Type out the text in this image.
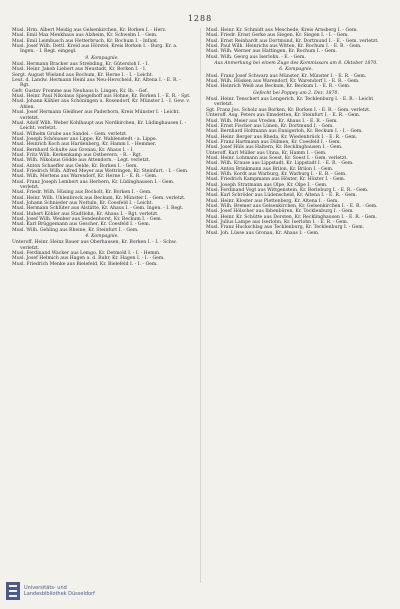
1288

Musl. Hrm. Albert Meidig aus Gelsenkirchen, Kr. Borken I. - Herz.

Musl. Emil Max Menkhaus aus Alzheim, Kr. Schwelm I. - Gem.

Musl. Emil Leimbusch aus Hetterbruch, Kr. Bochum I. - Infant.

Musl. Josef Wilh. Dettl. Kreid aus Hörstel, Kreis Borken I. - Burg. Kr. a. Ingen. - I. Regt. eingegl.

9. Kompagnie.

Musl. Hermann Bracker aus Strebding, Kr. Gütersloh I. - I.

Musl. Heinr. Jakob Liebert aus Neustadt, Kr. Borken I. - I.

Sergt. August Wieland aus Bochum, Kr. Herne I. - I. - Leicht.

Leut. d. Landw. Hermann Heinl aus Neu-Herscheid, Kr. Altena I. - E. R. - Rgt.

Gefr. Gustav Fromme aus Neuhaus b. Lingen, Kr. Ib. - Gef.

Musl. Heinr. Paul Nikolaus Spiegelhoff aus Hohne, Kr. Borken I. - E. R. - Spt.

Musl. Johann Kähler aus Schöningen u. Rosendorf, Kr. Münster I. - I. Gew. v. Ahlen.

Musl. Josef Hermann Gleißner aus Paderborn, Kreis Münster I. - Leicht. verletzt.

Musl. Adolf Wilh. Weber Kohlhaupt aus Nordkirchen, Kr. Lüdinghausen I. - Leicht. verletzt.

Musl. Wilhelm Grube aus Sandel. - Gem. verletzt.

Musl. Joseph Schönauer aus Lippe, Kr. Wahlenstedt - a. Lippe.

Musl. Heinrich Koch aus Hardenberg, Kr. Hamm I. - Hemmer.

Musl. Bernhard Schulte aus Gronau, Kr. Ahaus I. - I.

Musl. Fritz Wilh. Kerkenkamp aus Ostbevern. - R. - Rgt.

Musl. Wilh. Nikolaus Gödde aus Attendorn. - Legt. verletzt.

Musl. Anton Schaeffer aus Oelde, Kr. Borken I. - Gem.

Musl. Friedrich Wilh. Alfred Meyer aus Wettringen, Kr. Steinfurt. - I. - Gem.

Musl. Wilh. Mertens aus Warendorf, Kr. Herne I. - E. R. - Gem.

Musl. Franz Joseph Lembert aus Herbern, Kr. Lüdinghausen I. - Gem. verletzt.

Musl. Friedr. Wilh. Hüsing aus Bocholt, Kr. Borken I. - Gem.

Musl. Heinr. Wilh. Uhlenbrock aus Beckum, Kr. Münster I. - Gem. verletzt.

Musl. Johann Schnieder aus Nottuln, Kr. Coesfeld I. - Leicht.

Musl. Hermann Schlüter aus Alstätte, Kr. Ahaus I. - Gem. Ingen. - I. Regt.

Musl. Hubert Köhler aus Stadtlohn, Kr. Ahaus I. - Rgt. verletzt.

Musl. Josef Wilh. Wenker aus Sendenhorst, Kr. Beckum I. - Gem.

Musl. Karl Brüggemann aus Gescher, Kr. Coesfeld I. - Gem.

Musl. Wilh. Gehling aus Rheine, Kr. Steinfurt I. - Gem.

4. Kompagnie.

Unteroff. Heinr. Heinz Bauer aus Oberhausen, Kr. Borken I. - I. - Schw. verletzt.

Musl. Ferdinand Wacker aus Lemgo, Kr. Detmold I. - I. - Hemm.

Musl. Josef Helmich aus Hagen a. d. Ruhr, Kr. Hagen I. - I. - Gem.

Musl. Friedrich Menke aus Bielefeld, Kr. Bielefeld I. - I. - Gem.

Musl. Heinr. Kr. Schmidt aus Meschede, Kreis Arnsberg I. - Gem.

Musl. Friedr. Ernst Gerke aus Siegen, Kr. Siegen I. - I. - Gem.

Musl. Ernst Reinhardt aus Dortmund, Kr. Dortmund I. - E. - Gem. verletzt.

Musl. Paul Wilh. Heinrichs aus Witten, Kr. Bochum I. - E. R. - Gem.

Musl. Wilh. Werner aus Hattingen, Kr. Bochum I. - Gem.

Musl. Wilh. Georg aus Iserlohn. - E. - Gem.

Aus Anmerkung bei einem Zuge des Kommissars am 8. Oktober 1870.

6. Kompagnie.

Musl. Franz Josef Schwarz aus Münster, Kr. Münster I. - E. R. - Gem.

Musl. Wilh. Hüsken aus Warendorf, Kr. Warendorf I. - E. R. - Gem.

Musl. Heinrich Weiß aus Beckum, Kr. Beckum I. - E. R. - Gem.

Gefecht bei Poppey am 2. Dez. 1870.

Musl. Heinr. Tenschert aus Lengerich, Kr. Tecklenburg I. - E. R. - Leicht verletzt.

Sgt. Franz Jos. Scholz aus Borken, Kr. Borken I. - E. R. - Gem. verletzt.

Unteroff. Aug. Peters aus Emsdetten, Kr. Steinfurt I. - E. R. - Gem.

Musl. Wilh. Meier aus Vreden, Kr. Ahaus I. - E. R. - Gem.

Musl. Ernst Fischer aus Lünen, Kr. Dortmund I. - Gem.

Musl. Bernhard Holtmann aus Ennigerloh, Kr. Beckum I. - I. - Gem.

Musl. Heinr. Berger aus Rheda, Kr. Wiedenbrück I. - E. R. - Gem.

Musl. Franz Hartmann aus Dülmen, Kr. Coesfeld I. - Gem.

Musl. Josef Hüls aus Haltern, Kr. Recklinghausen I. - Gem.

Unteroff. Karl Müller aus Unna, Kr. Hamm I. - Gem.

Musl. Heinr. Lohmann aus Soest, Kr. Soest I. - Gem. verletzt.

Musl. Wilh. Krause aus Lippstadt, Kr. Lippstadt I. - E. R. - Gem.

Musl. Anton Brinkmann aus Brilon, Kr. Brilon I. - Gem.

Musl. Wilh. Kordt aus Warburg, Kr. Warburg I. - E. R. - Gem.

Musl. Friedrich Kampmann aus Höxter, Kr. Höxter I. - Gem.

Musl. Joseph Stratmann aus Olpe, Kr. Olpe I. - Gem.

Musl. Ferdinand Vogt aus Wittgenstein, Kr. Berleburg I. - E. R. - Gem.

Musl. Karl Schröder aus Lüdenscheid, Kr. Altena I. - E. R. - Gem.

Musl. Heinr. Kloster aus Plettenberg, Kr. Altena I. - Gem.

Musl. Wilh. Bremer aus Gelsenkirchen, Kr. Gelsenkirchen I. - E. R. - Gem.

Musl. Josef Hölscher aus Ibbenbüren, Kr. Tecklenburg I. - Gem.

Musl. Heinr. Kr. Schütte aus Dorsten, Kr. Recklinghausen I. - E. R. - Gem.

Musl. Julius Lampe aus Iserlohn, Kr. Iserlohn I. - E. R. - Gem.

Musl. Franz Huckschlag aus Tecklenburg, Kr. Tecklenburg I. - Gem.

Musl. Joh. Lüsse aus Gronau, Kr. Ahaus I. - Gem.

Universitäts- und
Landesbibliothek Düsseldorf
